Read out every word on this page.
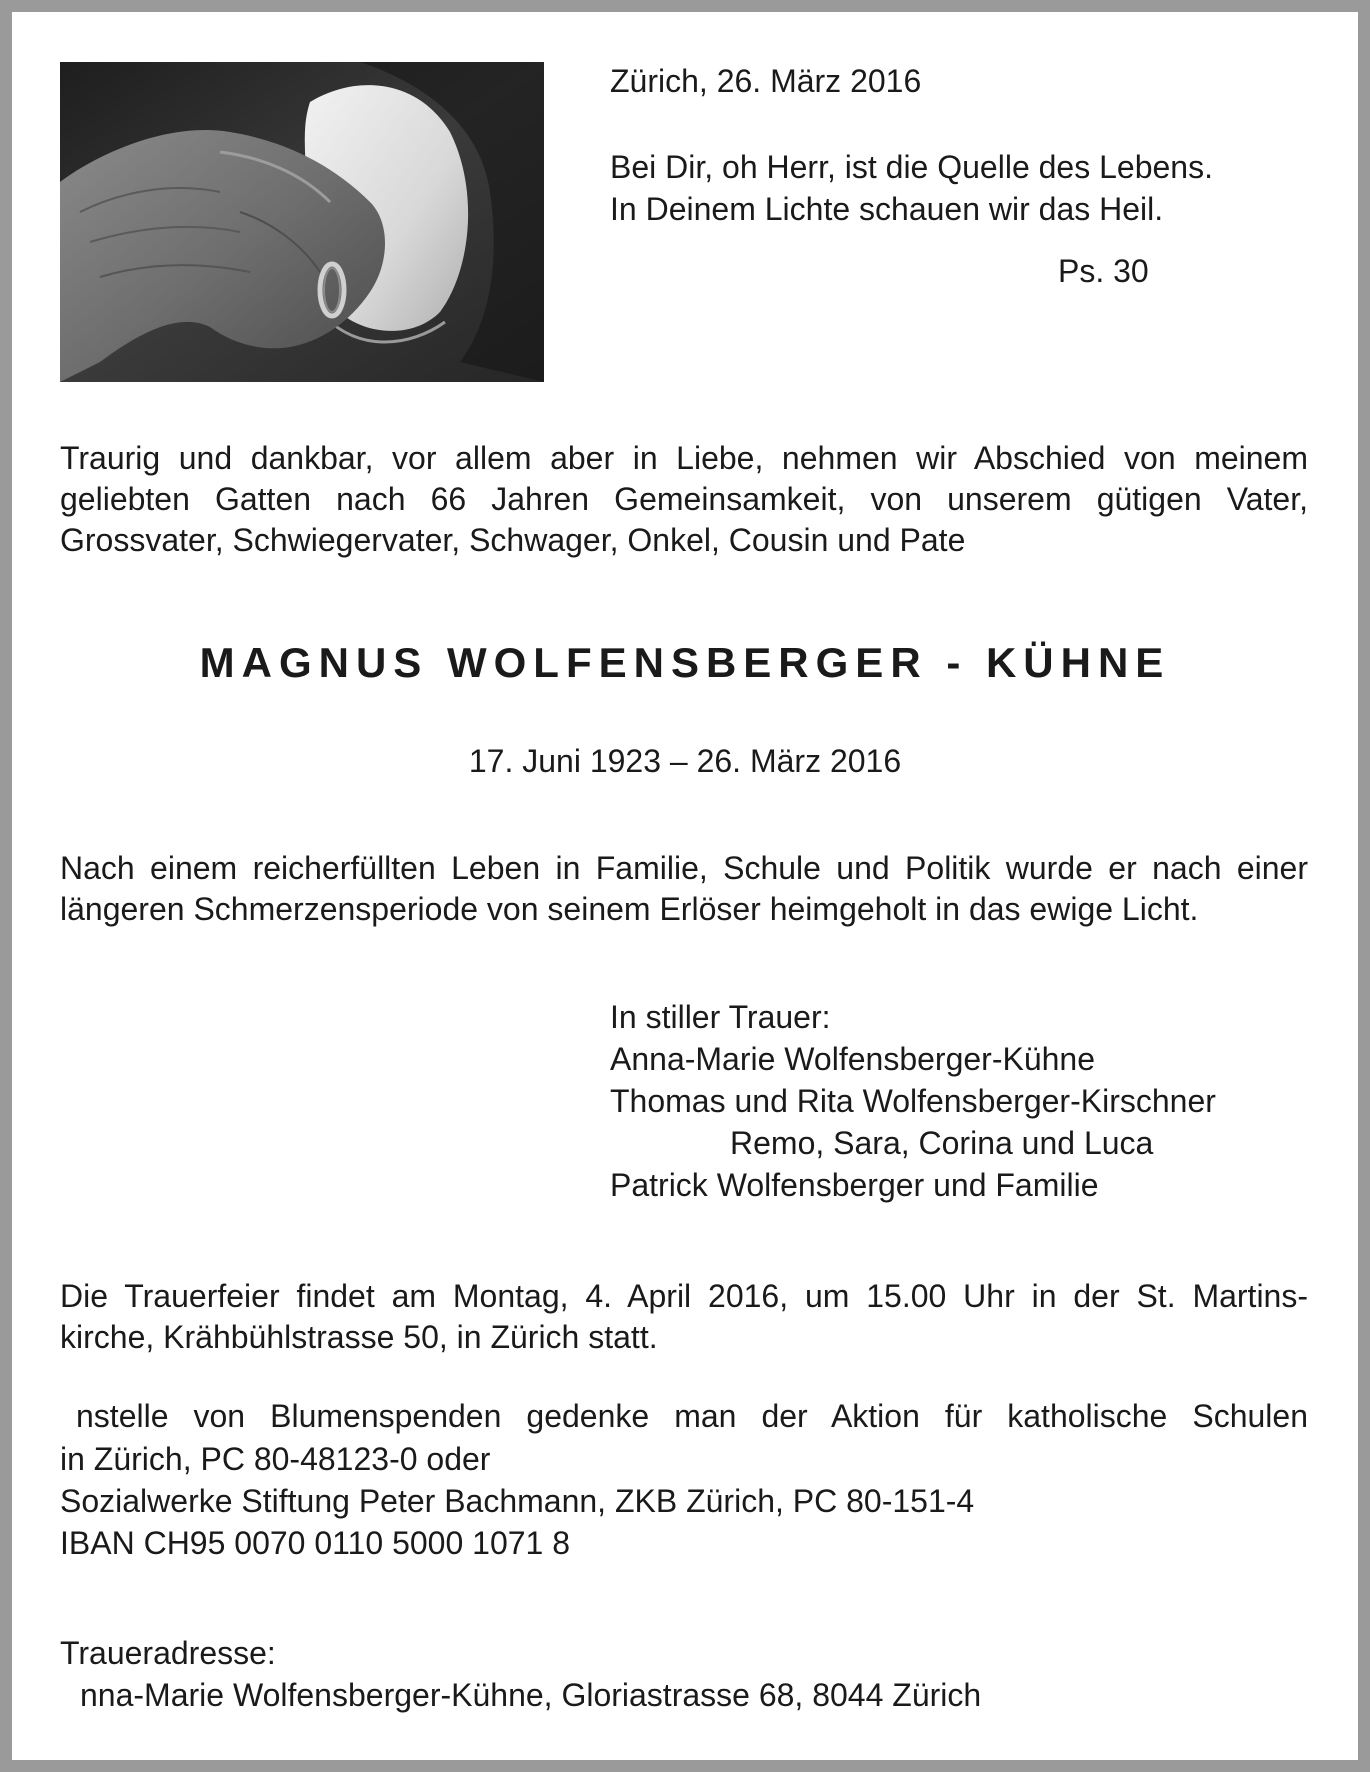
Zürich, 26. März 2016
Bei Dir, oh Herr, ist die Quelle des Lebens.
In Deinem Lichte schauen wir das Heil.
Ps. 30
Traurig und dankbar, vor allem aber in Liebe, nehmen wir Abschied von meinem
geliebten Gatten nach 66 Jahren Gemeinsamkeit, von unserem gütigen Vater,
Grossvater, Schwiegervater, Schwager, Onkel, Cousin und Pate
MAGNUS WOLFENSBERGER - KÜHNE
17. Juni 1923 – 26. März 2016
Nach einem reicherfüllten Leben in Familie, Schule und Politik wurde er nach einer
längeren Schmerzensperiode von seinem Erlöser heimgeholt in das ewige Licht.
In stiller Trauer:
Anna-Marie Wolfensberger-Kühne
Thomas und Rita Wolfensberger-Kirschner
Remo, Sara, Corina und Luca
Patrick Wolfensberger und Familie
Die Trauerfeier findet am Montag, 4. April 2016, um 15.00 Uhr in der St. Martins-
kirche, Krähbühlstrasse 50, in Zürich statt.
nstelle von Blumenspenden gedenke man der Aktion für katholische Schulen
in Zürich, PC 80-48123-0 oder
Sozialwerke Stiftung Peter Bachmann, ZKB Zürich, PC 80-151-4
IBAN CH95 0070 0110 5000 1071 8
Traueradresse:
nna-Marie Wolfensberger-Kühne, Gloriastrasse 68, 8044 Zürich
